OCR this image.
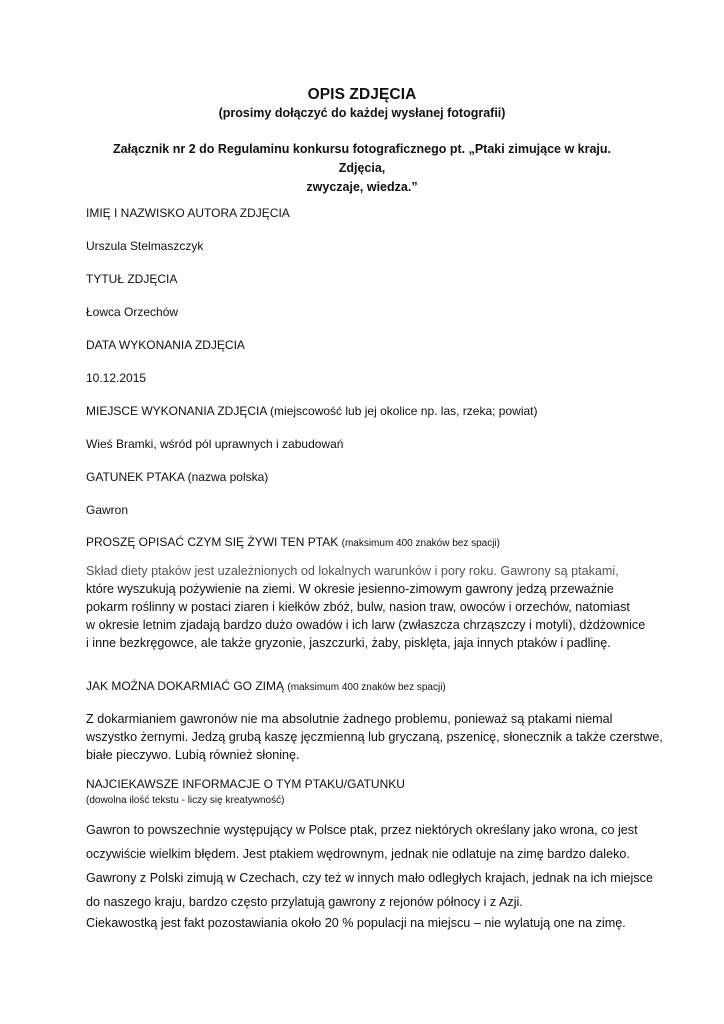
OPIS ZDJĘCIA
(prosimy dołączyć do każdej wysłanej fotografii)
Załącznik nr 2 do Regulaminu konkursu fotograficznego pt. „Ptaki zimujące w kraju. Zdjęcia,
zwyczaje, wiedza.”
IMIĘ I NAZWISKO AUTORA ZDJĘCIA
Urszula Stelmaszczyk
TYTUŁ ZDJĘCIA
Łowca Orzechów
DATA WYKONANIA ZDJĘCIA
10.12.2015
MIEJSCE WYKONANIA ZDJĘCIA (miejscowość lub jej okolice np. las, rzeka; powiat)
Wieś Bramki, wśród pól uprawnych i zabudowań
GATUNEK PTAKA (nazwa polska)
Gawron
PROSZĘ OPISAĆ CZYM SIĘ ŻYWI TEN PTAK (maksimum 400 znaków bez spacji)
Skład diety ptaków jest uzależnionych od lokalnych warunków i pory roku. Gawrony są ptakami,
które wyszukują pożywienie na ziemi. W okresie jesienno-zimowym gawrony jedzą przeważnie
pokarm roślinny w postaci ziaren i kiełków zbóż, bulw, nasion traw, owoców i orzechów, natomiast
w okresie letnim zjadają bardzo dużo owadów i ich larw (zwłaszcza chrząszczy i motyli), dżdżownice
i inne bezkręgowce, ale także gryzonie, jaszczurki, żaby, pisklęta, jaja innych ptaków i padlinę.
JAK MOŻNA DOKARMIAĆ GO ZIMĄ (maksimum 400 znaków bez spacji)
Z dokarmianiem gawronów nie ma absolutnie żadnego problemu, ponieważ są ptakami niemal
wszystko żernymi. Jedzą grubą kaszę jęczmienną lub gryczaną, pszenicę, słonecznik a także czerstwe,
białe pieczywo. Lubią również słoninę.
NAJCIEKAWSZE INFORMACJE O TYM PTAKU/GATUNKU
(dowolna ilość tekstu - liczy się kreatywność)
Gawron to powszechnie występujący w Polsce ptak, przez niektórych określany jako wrona, co jest
oczywiście wielkim błędem. Jest ptakiem wędrownym, jednak nie odlatuje na zimę bardzo daleko.
Gawrony z Polski zimują w Czechach, czy też w innych mało odległych krajach, jednak na ich miejsce
do naszego kraju, bardzo często przylatują gawrony z rejonów północy i z Azji.
Ciekawostką jest fakt pozostawiania około 20 % populacji na miejscu – nie wylatują one na zimę.
